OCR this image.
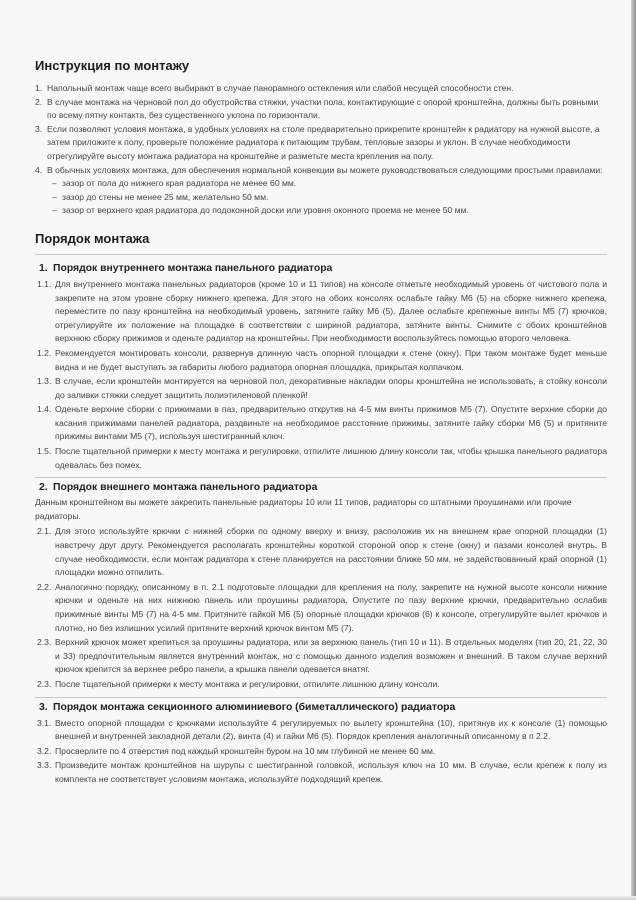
Инструкция по монтажу
1. Напольный монтаж чаще всего выбирают в случае панорамного остекления или слабой несущей способности стен.
2. В случае монтажа на черновой пол до обустройства стяжки, участки пола, контактирующие с опорой кронштейна, должны быть ровными по всему пятну контакта, без существенного уклона по горизонтали.
3. Если позволяют условия монтажа, в удобных условиях на столе предварительно прикрепите кронштейн к радиатору на нужной высоте, а затем приложите к полу, проверьте положение радиатора к питающим трубам, тепловые зазоры и уклон. В случае необходимости отрегулируйте высоту монтажа радиатора на кронштейне и разметьте места крепления на полу.
4. В обычных условиях монтажа, для обеспечения нормальной конвекции вы можете руководствоваться следующими простыми правилами:
– зазор от пола до нижнего края радиатора не менее 60 мм.
– зазор до стены не менее 25 мм, желательно 50 мм.
– зазор от верхнего края радиатора до подоконной доски или уровня оконного проема не менее 50 мм.
Порядок монтажа
1. Порядок внутреннего монтажа панельного радиатора
1.1. Для внутреннего монтажа панельных радиаторов (кроме 10 и 11 типов) на консоле отметьте необходимый уровень от чистового пола и закрепите на этом уровне сборку нижнего крепежа. Для этого на обоих консолях ослабьте гайку М6 (5) на сборке нижнего крепежа, переместите по пазу кронштейна на необходимый уровень, затяните гайку М6 (5). Далее ослабьте крепежные винты М5 (7) крючков, отрегулируйте их положение на площадке в соответствии с шириной радиатора, затяните винты. Снимите с обоих кронштейнов верхнюю сборку прижимов и оденьте радиатор на кронштейны. При необходимости воспользуйтесь помощью второго человека.
1.2. Рекомендуется монтировать консоли, развернув длинную часть опорной площадки к стене (окну). При таком монтаже будет меньше видна и не будет выступать за габариты любого радиатора опорная площадка, прикрытая колпачком.
1.3. В случае, если кронштейн монтируется на черновой пол, декоративные накладки опоры кронштейна не использовать, а стойку консоли до заливки стяжки следует защитить полиэтиленовой пленкой!
1.4. Оденьте верхние сборки с прижимами в паз, предварительно открутив на 4-5 мм винты прижимов М5 (7). Опустите верхние сборки до касания прижимами панелей радиатора, раздвиньте на необходимое расстояние прижимы, затяните гайку сборки М6 (5) и притяните прижимы винтами М5 (7), используя шестигранный ключ.
1.5. После тщательной примерки к месту монтажа и регулировки, отпилите лишнюю длину консоли так, чтобы крышка панельного радиатора одевалась без помех.
2. Порядок внешнего монтажа панельного радиатора
Данным кронштейном вы можете закрепить панельные радиаторы 10 или 11 типов, радиаторы со штатными проушинами или прочие радиаторы.
2.1. Для этого используйте крючки с нижней сборки по одному вверху и внизу, расположив их на внешнем крае опорной площадки (1) навстречу друг другу. Рекомендуется располагать кронштейны короткой стороной опор к стене (окну) и пазами консолей внутрь. В случае необходимости, если монтаж радиатора к стене планируется на расстоянии ближе 50 мм, не задействованный край опорной (1) площадки можно отпилить.
2.2. Аналогично порядку, описанному в п. 2.1 подготовьте площадки для крепления на полу, закрепите на нужной высоте консоли нижние крючки и оденьте на них нижнюю панель или проушины радиатора. Опустите по пазу верхние крючки, предварительно ослабив прижимные винты М5 (7) на 4-5 мм. Притяните гайкой М6 (5) опорные площадки крючков (6) к консоле, отрегулируйте вылет крючков и плотно, но без излишних усилий притяните верхний крючок винтом М5 (7).
2.3. Верхний крючок может крепиться за проушины радиатора, или за верхнюю панель (тип 10 и 11). В отдельных моделях (тип 20, 21, 22, 30 и 33) предпочтительным является внутренний монтаж, но с помощью данного изделия возможен и внешний. В таком случае верхний крючок крепится за верхнее ребро панели, а крышка панели одевается внатяг.
2.3. После тщательной примерки к месту монтажа и регулировки, отпилите лишнюю длину консоли.
3. Порядок монтажа секционного алюминиевого (биметаллического) радиатора
3.1. Вместо опорной площадки с крючками используйте 4 регулируемых по вылету кронштейна (10), притянув их к консоле (1) помощью внешней и внутренней закладной детали (2), винта (4) и гайки М6 (5). Порядок крепления аналогичный описанному в п 2.2.
3.2. Просверлите по 4 отверстия под каждый кронштейн буром на 10 мм глубиной не менее 60 мм.
3.3. Произведите монтаж кронштейнов на шурупы с шестигранной головкой, используя ключ на 10 мм. В случае, если крепеж к полу из комплекта не соответствует условиям монтажа, используйте подходящий крепеж.
